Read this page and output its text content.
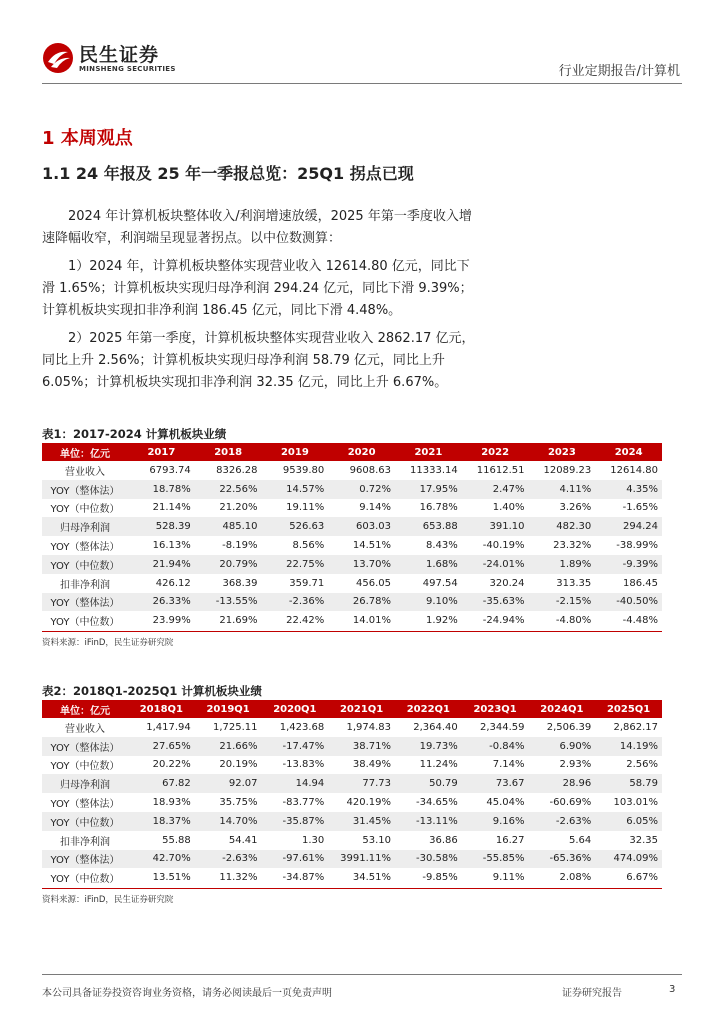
民生证券
MINSHENG SECURITIES	行业定期报告/计算机
1 本周观点
1.1 24 年报及 25 年一季报总览：25Q1 拐点已现

2024 年计算机板块整体收入/利润增速放缓，2025 年第一季度收入增速降幅收窄，利润端呈现显著拐点。以中位数测算：

1）2024 年，计算机板块整体实现营业收入 12614.80 亿元，同比下滑 1.65%；计算机板块实现归母净利润 294.24 亿元，同比下滑 9.39%；计算机板块实现扣非净利润 186.45 亿元，同比下滑 4.48%。

2）2025 年第一季度，计算机板块整体实现营业收入 2862.17 亿元，同比上升 2.56%；计算机板块实现归母净利润 58.79 亿元，同比上升 6.05%；计算机板块实现扣非净利润 32.35 亿元，同比上升 6.67%。

表1：2017-2024 计算机板块业绩
单位：亿元	2017	2018	2019	2020	2021	2022	2023	2024
营业收入	6793.74	8326.28	9539.80	9608.63	11333.14	11612.51	12089.23	12614.80
YOY（整体法）	18.78%	22.56%	14.57%	0.72%	17.95%	2.47%	4.11%	4.35%
YOY（中位数）	21.14%	21.20%	19.11%	9.14%	16.78%	1.40%	3.26%	-1.65%
归母净利润	528.39	485.10	526.63	603.03	653.88	391.10	482.30	294.24
YOY（整体法）	16.13%	-8.19%	8.56%	14.51%	8.43%	-40.19%	23.32%	-38.99%
YOY（中位数）	21.94%	20.79%	22.75%	13.70%	1.68%	-24.01%	1.89%	-9.39%
扣非净利润	426.12	368.39	359.71	456.05	497.54	320.24	313.35	186.45
YOY（整体法）	26.33%	-13.55%	-2.36%	26.78%	9.10%	-35.63%	-2.15%	-40.50%
YOY（中位数）	23.99%	21.69%	22.42%	14.01%	1.92%	-24.94%	-4.80%	-4.48%
资料来源：iFinD，民生证券研究院
表2：2018Q1-2025Q1 计算机板块业绩
单位：亿元	2018Q1	2019Q1	2020Q1	2021Q1	2022Q1	2023Q1	2024Q1	2025Q1
营业收入	1,417.94	1,725.11	1,423.68	1,974.83	2,364.40	2,344.59	2,506.39	2,862.17
YOY（整体法）	27.65%	21.66%	-17.47%	38.71%	19.73%	-0.84%	6.90%	14.19%
YOY（中位数）	20.22%	20.19%	-13.83%	38.49%	11.24%	7.14%	2.93%	2.56%
归母净利润	67.82	92.07	14.94	77.73	50.79	73.67	28.96	58.79
YOY（整体法）	18.93%	35.75%	-83.77%	420.19%	-34.65%	45.04%	-60.69%	103.01%
YOY（中位数）	18.37%	14.70%	-35.87%	31.45%	-13.11%	9.16%	-2.63%	6.05%
扣非净利润	55.88	54.41	1.30	53.10	36.86	16.27	5.64	32.35
YOY（整体法）	42.70%	-2.63%	-97.61%	3991.11%	-30.58%	-55.85%	-65.36%	474.09%
YOY（中位数）	13.51%	11.32%	-34.87%	34.51%	-9.85%	9.11%	2.08%	6.67%
资料来源：iFinD，民生证券研究院
本公司具备证券投资咨询业务资格，请务必阅读最后一页免责声明	证券研究报告	3
